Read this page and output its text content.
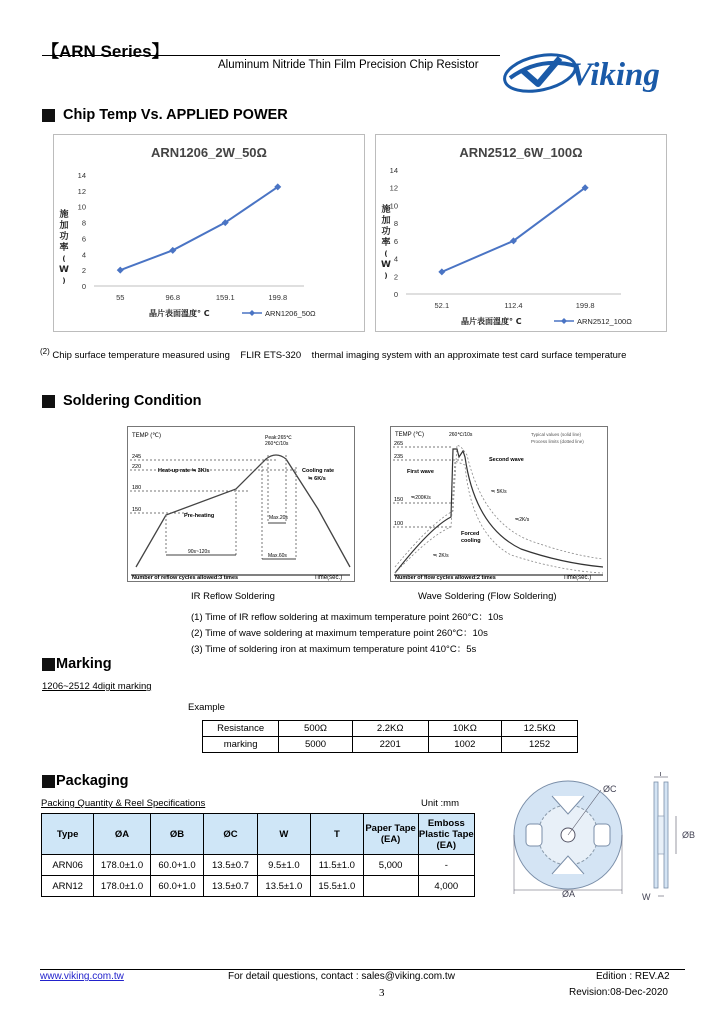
【ARN Series】
Aluminum Nitride Thin Film Precision Chip Resistor	Viking
Chip Temp Vs. APPLIED POWER
ARN1206_2W_50Ω
0
2
4
6
8
10
12
14
55	96.8	159.1	199.8
施
加
功
率
(
W
)
晶片表面溫度° C	ARN1206_50Ω
ARN2512_6W_100Ω
0
2
4
6
8
10
12
14
52.1	112.4	199.8
施
加
功
率
(
W
)
晶片表面溫度° C	ARN2512_100Ω
$^{(2)}$ Chip surface temperature measured using    FLIR ETS-320    thermal imaging system with an approximate test card surface temperature
Soldering Condition
TEMP (℃)
245
220
180
150
Peak:265℃
260℃/10s
Heat-up rate ≒ 3K/s	Cooling rate
≒ 6K/s
Pre-heating	Max.20s
90s~120s
Max.60s
Number of reflow cycles allowed:3 times	Time(sec.)
TEMP (℃)	260℃/10s	Typical values (solid line)
Process limits (dotted line)
265
235
150
100
First wave
Second wave
≒200K/s
≒ 5K/s
≒2K/s
≒ 2K/s
Forced
cooling
Number of flow cycles allowed:2 times	Time(sec.)
IR Reflow Soldering	Wave Soldering (Flow Soldering)
(1) Time of IR reflow soldering at maximum temperature point 260°C：10s
(2) Time of wave soldering at maximum temperature point 260°C：10s
(3) Time of soldering iron at maximum temperature point 410°C：5s
Marking
1206~2512 4digit marking
Example
Resistance	500Ω	2.2KΩ	10KΩ	12.5KΩ
marking	5000	2201	1002	1252
Packaging
Packing Quantity & Reel Specifications	Unit :mm
Type	ØA	ØB	ØC	W	T	Paper Tape (EA)	Emboss Plastic Tape (EA)
ARN06	178.0±1.0	60.0+1.0	13.5±0.7	9.5±1.0	11.5±1.0	5,000	-
ARN12	178.0±1.0	60.0+1.0	13.5±0.7	13.5±1.0	15.5±1.0		4,000
ØC
ØA
T
ØB
W
www.viking.com.tw	For detail questions, contact : sales@viking.com.tw	Edition : REV.A2
3	Revision:08-Dec-2020
